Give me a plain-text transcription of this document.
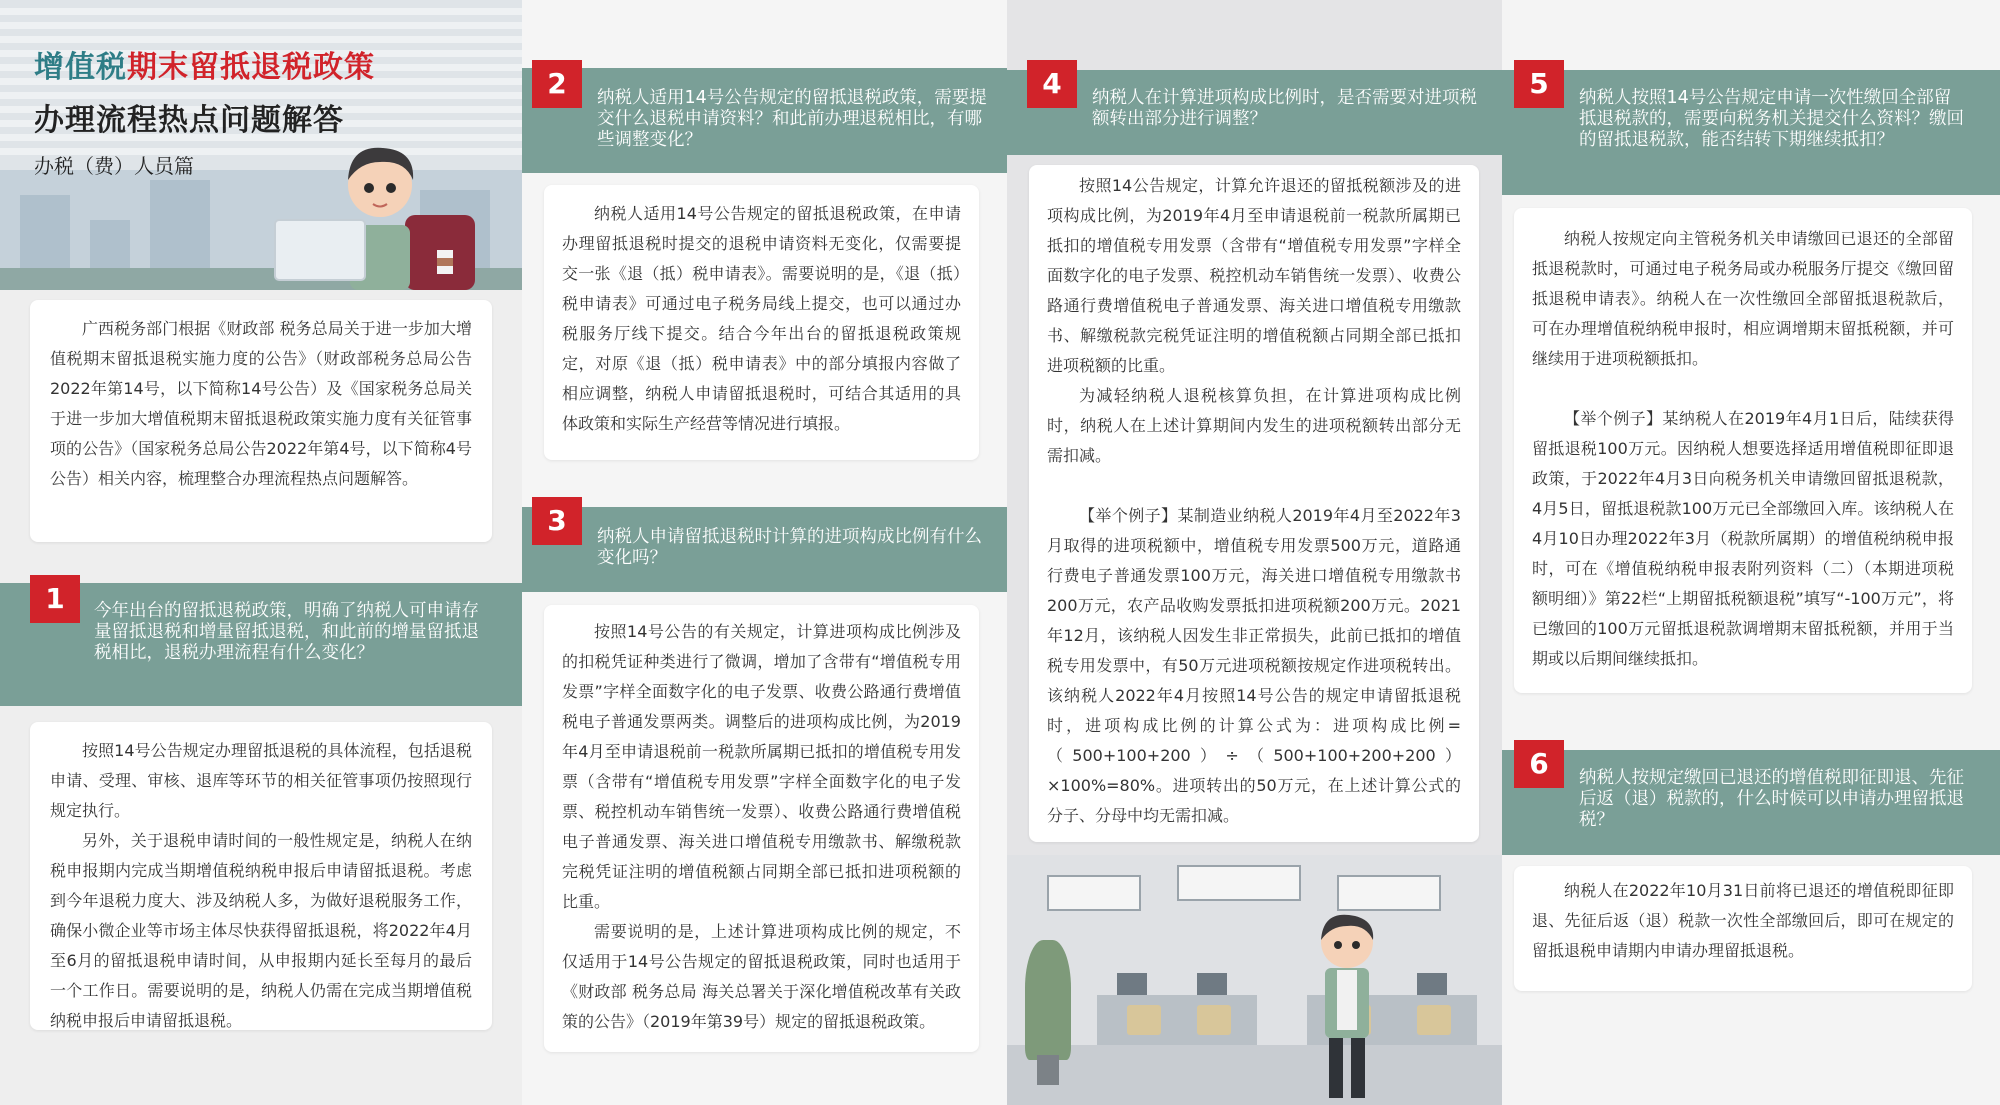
增值税期末留抵退税政策
办理流程热点问题解答
办税（费）人员篇

广西税务部门根据《财政部 税务总局关于进一步加大增值税期末留抵退税实施力度的公告》（财政部税务总局公告2022年第14号，以下简称14号公告）及《国家税务总局关于进一步加大增值税期末留抵退税政策实施力度有关征管事项的公告》（国家税务总局公告2022年第4号，以下简称4号公告）相关内容，梳理整合办理流程热点问题解答。

今年出台的留抵退税政策，明确了纳税人可申请存量留抵退税和增量留抵退税，和此前的增量留抵退税相比，退税办理流程有什么变化？
1

按照14号公告规定办理留抵退税的具体流程，包括退税申请、受理、审核、退库等环节的相关征管事项仍按照现行规定执行。

另外，关于退税申请时间的一般性规定是，纳税人在纳税申报期内完成当期增值税纳税申报后申请留抵退税。考虑到今年退税力度大、涉及纳税人多，为做好退税服务工作，确保小微企业等市场主体尽快获得留抵退税，将2022年4月至6月的留抵退税申请时间，从申报期内延长至每月的最后一个工作日。需要说明的是，纳税人仍需在完成当期增值税纳税申报后申请留抵退税。

纳税人适用14号公告规定的留抵退税政策，需要提交什么退税申请资料？和此前办理退税相比，有哪些调整变化？
2

纳税人适用14号公告规定的留抵退税政策，在申请办理留抵退税时提交的退税申请资料无变化，仅需要提交一张《退（抵）税申请表》。需要说明的是，《退（抵）税申请表》可通过电子税务局线上提交，也可以通过办税服务厅线下提交。结合今年出台的留抵退税政策规定，对原《退（抵）税申请表》中的部分填报内容做了相应调整，纳税人申请留抵退税时，可结合其适用的具体政策和实际生产经营等情况进行填报。

纳税人申请留抵退税时计算的进项构成比例有什么变化吗？
3

按照14号公告的有关规定，计算进项构成比例涉及的扣税凭证种类进行了微调，增加了含带有“增值税专用发票”字样全面数字化的电子发票、收费公路通行费增值税电子普通发票两类。调整后的进项构成比例，为2019年4月至申请退税前一税款所属期已抵扣的增值税专用发票（含带有“增值税专用发票”字样全面数字化的电子发票、税控机动车销售统一发票）、收费公路通行费增值税电子普通发票、海关进口增值税专用缴款书、解缴税款完税凭证注明的增值税额占同期全部已抵扣进项税额的比重。

需要说明的是，上述计算进项构成比例的规定，不仅适用于14号公告规定的留抵退税政策，同时也适用于《财政部 税务总局 海关总署关于深化增值税改革有关政策的公告》（2019年第39号）规定的留抵退税政策。

纳税人在计算进项构成比例时，是否需要对进项税额转出部分进行调整？
4

按照14公告规定，计算允许退还的留抵税额涉及的进项构成比例，为2019年4月至申请退税前一税款所属期已抵扣的增值税专用发票（含带有“增值税专用发票”字样全面数字化的电子发票、税控机动车销售统一发票）、收费公路通行费增值税电子普通发票、海关进口增值税专用缴款书、解缴税款完税凭证注明的增值税额占同期全部已抵扣进项税额的比重。

为减轻纳税人退税核算负担，在计算进项构成比例时，纳税人在上述计算期间内发生的进项税额转出部分无需扣减。

【举个例子】某制造业纳税人2019年4月至2022年3月取得的进项税额中，增值税专用发票500万元，道路通行费电子普通发票100万元，海关进口增值税专用缴款书200万元，农产品收购发票抵扣进项税额200万元。2021年12月，该纳税人因发生非正常损失，此前已抵扣的增值税专用发票中，有50万元进项税额按规定作进项税转出。该纳税人2022年4月按照14号公告的规定申请留抵退税时，进项构成比例的计算公式为：进项构成比例=（500+100+200）÷（500+100+200+200）×100%=80%。进项转出的50万元，在上述计算公式的分子、分母中均无需扣减。

纳税人按照14号公告规定申请一次性缴回全部留抵退税款的，需要向税务机关提交什么资料？缴回的留抵退税款，能否结转下期继续抵扣？
5

纳税人按规定向主管税务机关申请缴回已退还的全部留抵退税款时，可通过电子税务局或办税服务厅提交《缴回留抵退税申请表》。纳税人在一次性缴回全部留抵退税款后，可在办理增值税纳税申报时，相应调增期末留抵税额，并可继续用于进项税额抵扣。

【举个例子】某纳税人在2019年4月1日后，陆续获得留抵退税100万元。因纳税人想要选择适用增值税即征即退政策，于2022年4月3日向税务机关申请缴回留抵退税款，4月5日，留抵退税款100万元已全部缴回入库。该纳税人在4月10日办理2022年3月（税款所属期）的增值税纳税申报时，可在《增值税纳税申报表附列资料（二）（本期进项税额明细）》第22栏“上期留抵税额退税”填写“-100万元”，将已缴回的100万元留抵退税款调增期末留抵税额，并用于当期或以后期间继续抵扣。

纳税人按规定缴回已退还的增值税即征即退、先征后返（退）税款的，什么时候可以申请办理留抵退税？
6

纳税人在2022年10月31日前将已退还的增值税即征即退、先征后返（退）税款一次性全部缴回后，即可在规定的留抵退税申请期内申请办理留抵退税。
